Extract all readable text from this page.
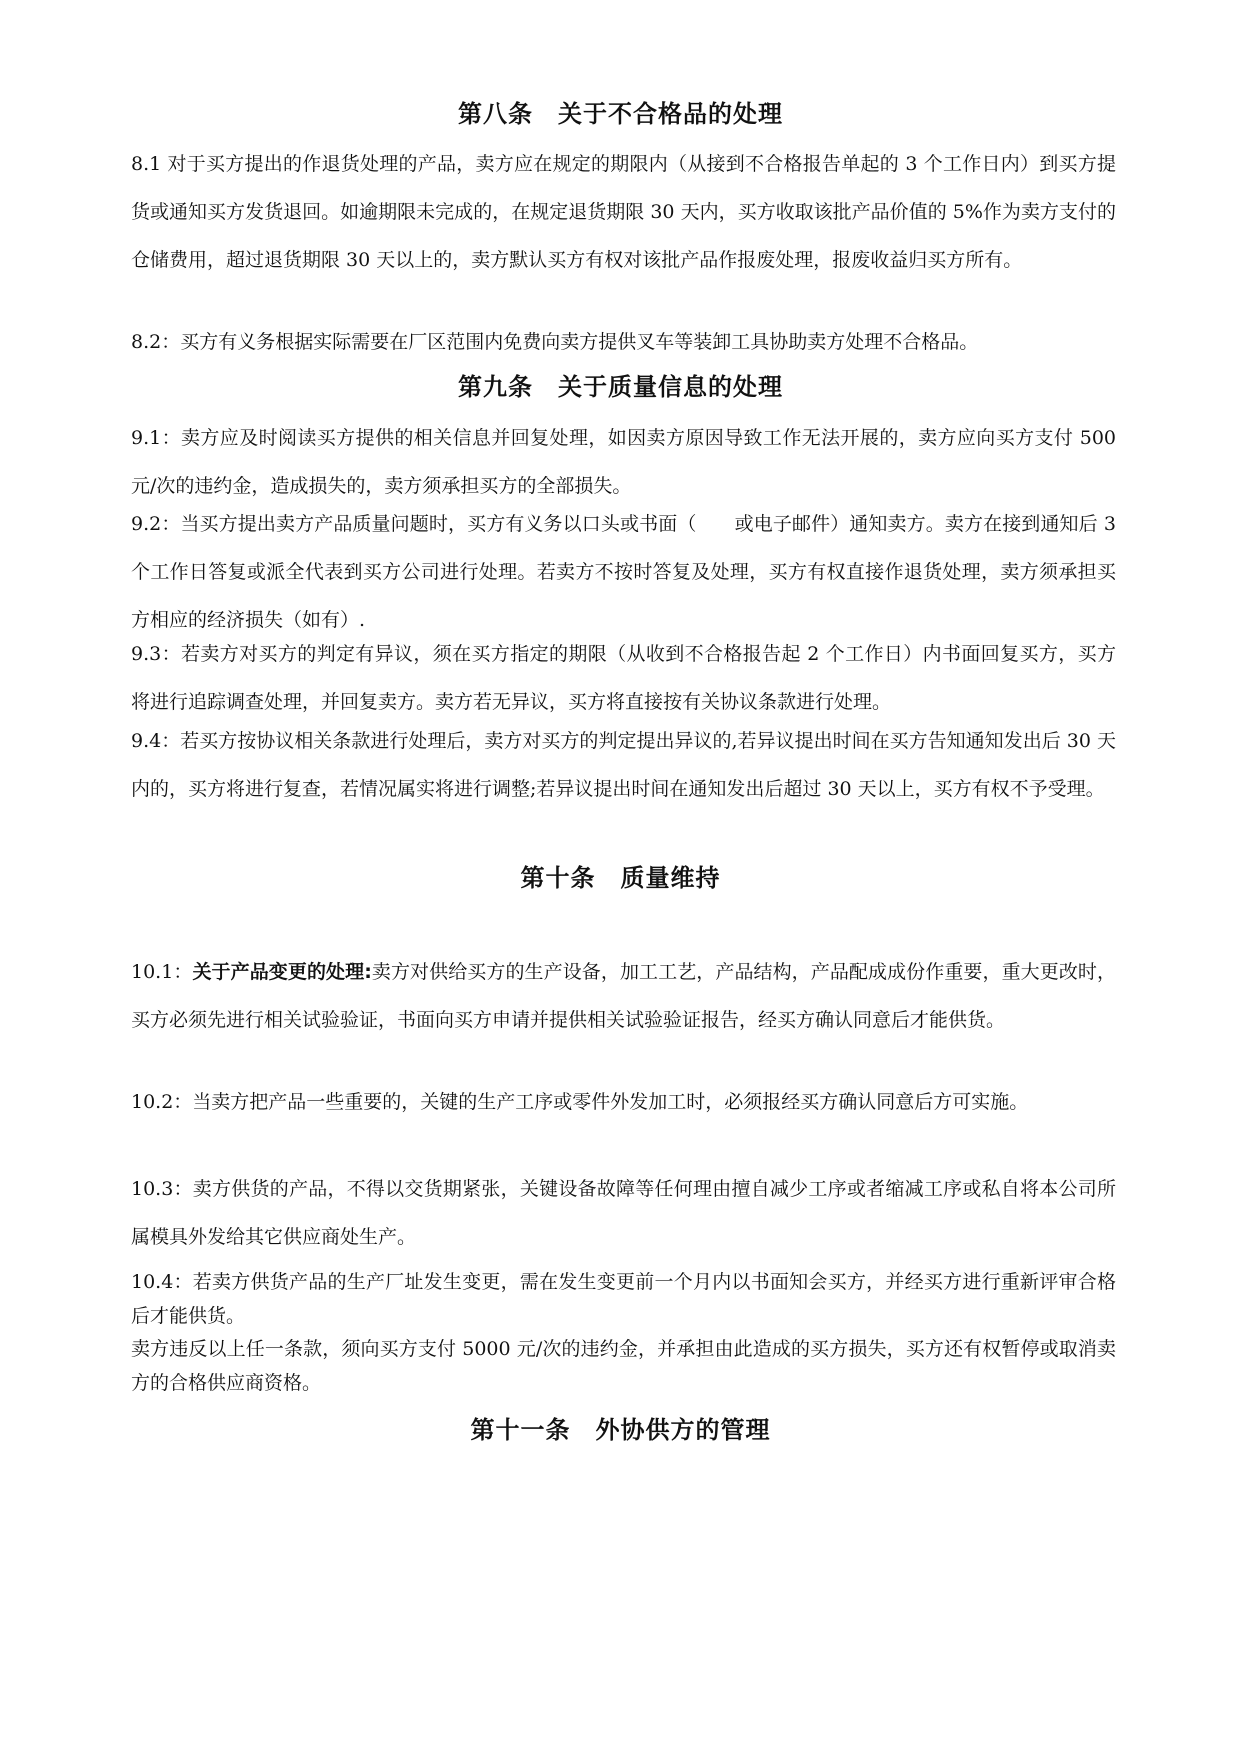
第八条　关于不合格品的处理
8.1 对于买方提出的作退货处理的产品，卖方应在规定的期限内（从接到不合格报告单起的 3 个工作日内）到买方提货或通知买方发货退回。如逾期限未完成的，在规定退货期限 30 天内，买方收取该批产品价值的 5%作为卖方支付的仓储费用，超过退货期限 30 天以上的，卖方默认买方有权对该批产品作报废处理，报废收益归买方所有。
8.2：买方有义务根据实际需要在厂区范围内免费向卖方提供叉车等装卸工具协助卖方处理不合格品。
第九条　关于质量信息的处理
9.1：卖方应及时阅读买方提供的相关信息并回复处理，如因卖方原因导致工作无法开展的，卖方应向买方支付 500 元/次的违约金，造成损失的，卖方须承担买方的全部损失。
9.2：当买方提出卖方产品质量问题时，买方有义务以口头或书面（　　或电子邮件）通知卖方。卖方在接到通知后 3 个工作日答复或派全代表到买方公司进行处理。若卖方不按时答复及处理，买方有权直接作退货处理，卖方须承担买方相应的经济损失（如有）.
9.3：若卖方对买方的判定有异议，须在买方指定的期限（从收到不合格报告起 2 个工作日）内书面回复买方，买方将进行追踪调查处理，并回复卖方。卖方若无异议，买方将直接按有关协议条款进行处理。
9.4：若买方按协议相关条款进行处理后，卖方对买方的判定提出异议的,若异议提出时间在买方告知通知发出后 30 天内的，买方将进行复查，若情况属实将进行调整;若异议提出时间在通知发出后超过 30 天以上，买方有权不予受理。
第十条　质量维持
10.1：关于产品变更的处理:卖方对供给买方的生产设备，加工工艺，产品结构，产品配成成份作重要，重大更改时，买方必须先进行相关试验验证，书面向买方申请并提供相关试验验证报告，经买方确认同意后才能供货。
10.2：当卖方把产品一些重要的，关键的生产工序或零件外发加工时，必须报经买方确认同意后方可实施。
10.3：卖方供货的产品，不得以交货期紧张，关键设备故障等任何理由擅自减少工序或者缩减工序或私自将本公司所属模具外发给其它供应商处生产。
10.4：若卖方供货产品的生产厂址发生变更，需在发生变更前一个月内以书面知会买方，并经买方进行重新评审合格后才能供货。
卖方违反以上任一条款，须向买方支付 5000 元/次的违约金，并承担由此造成的买方损失，买方还有权暂停或取消卖方的合格供应商资格。
第十一条　外协供方的管理
